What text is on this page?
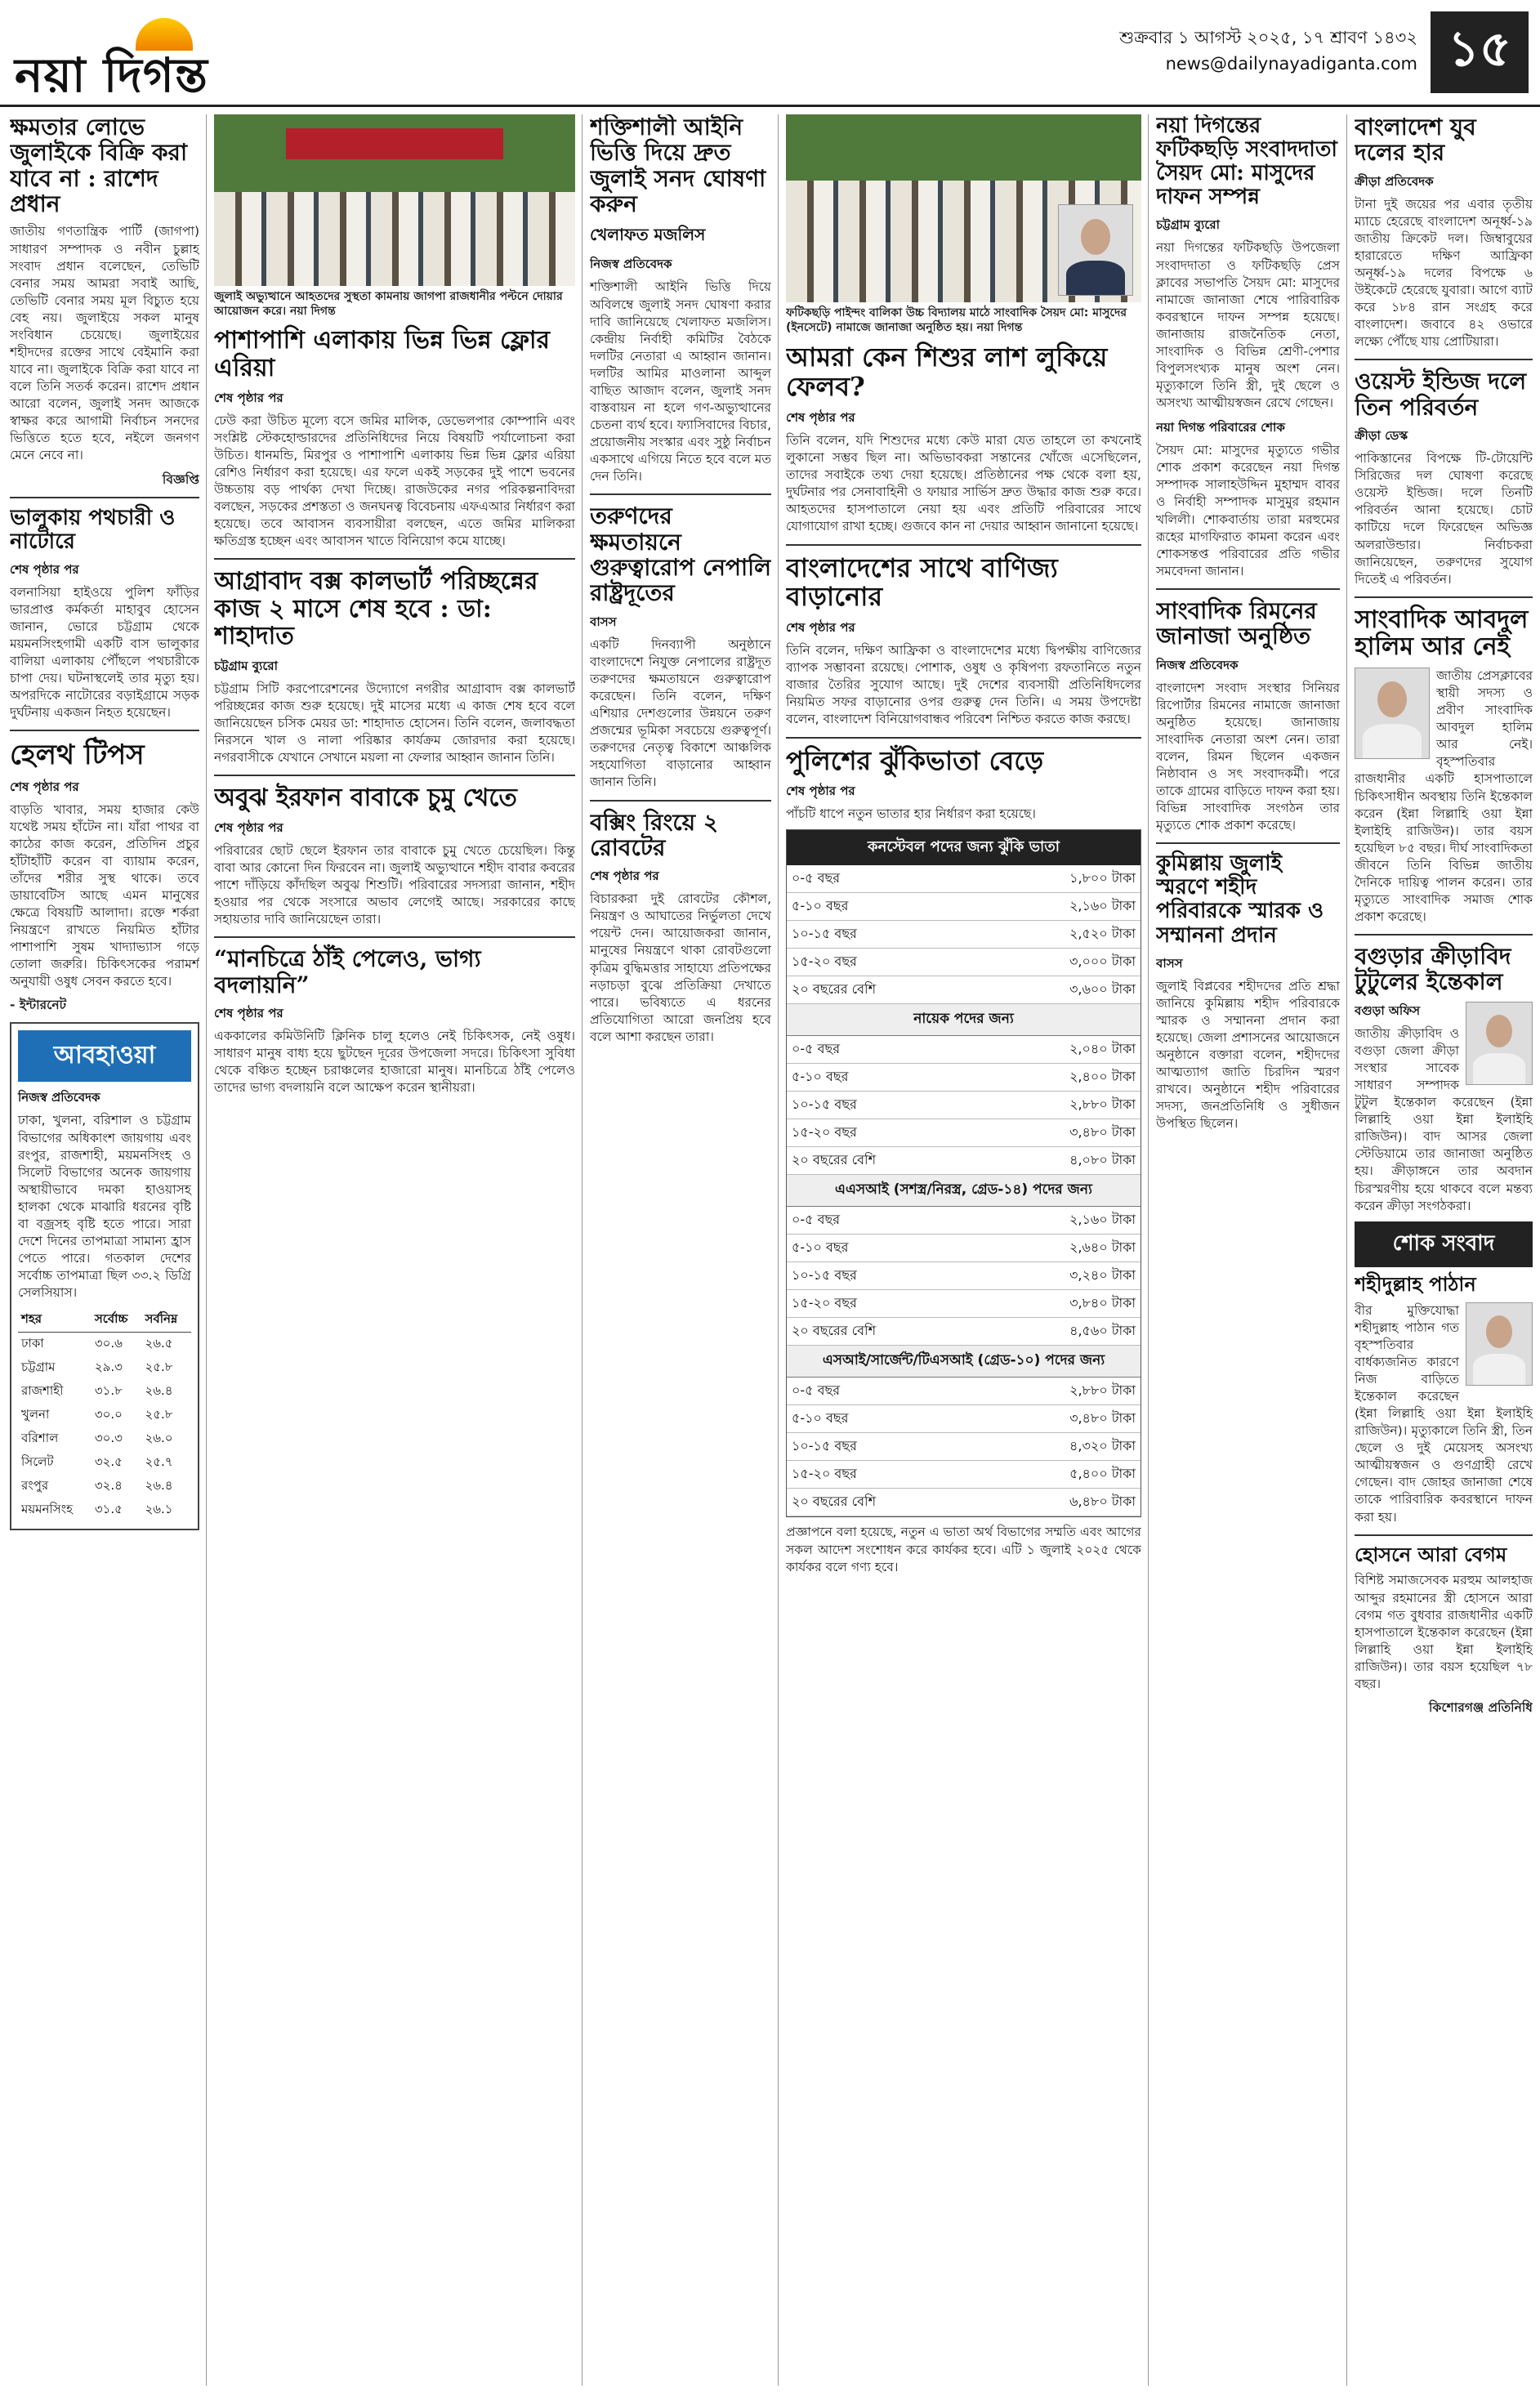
নয়া দিগন্ত
শুক্রবার ১ আগস্ট ২০২৫, ১৭ শ্রাবণ ১৪৩২
news@dailynayadiganta.com ১৫
ক্ষমতার লোভে জুলাইকে বিক্রি করা যাবে না : রাশেদ প্রধান

জাতীয় গণতান্ত্রিক পার্টি (জাগপা) সাধারণ সম্পাদক ও নবীন চুল্লাহ সংবাদ প্রধান বলেছেন, তেভিটি বেনার সময় আমরা সবাই আছি, তেভিটি বেনার সময় মূল বিচ্যুত হয়ে বেহ নয়। জুলাইয়ে সকল মানুষ সংবিধান চেয়েছে। জুলাইয়ের শহীদদের রক্তের সাথে বেইমানি করা যাবে না। জুলাইকে বিক্রি করা যাবে না বলে তিনি সতর্ক করেন। রাশেদ প্রধান আরো বলেন, জুলাই সনদ আজকে স্বাক্ষর করে আগামী নির্বাচন সনদের ভিত্তিতে হতে হবে, নইলে জনগণ মেনে নেবে না।

বিজ্ঞপ্তি

ভালুকায় পথচারী ও নাটোরে

শেষ পৃষ্ঠার পর

বলনাসিয়া হাইওয়ে পুলিশ ফাঁড়ির ভারপ্রাপ্ত কর্মকর্তা মাহাবুব হোসেন জানান, ভোরে চট্টগ্রাম থেকে ময়মনসিংহগামী একটি বাস ভালুকার বালিয়া এলাকায় পৌঁছলে পথচারীকে চাপা দেয়। ঘটনাস্থলেই তার মৃত্যু হয়। অপরদিকে নাটোরের বড়াইগ্রামে সড়ক দুর্ঘটনায় একজন নিহত হয়েছেন।

হেলথ টিপস

শেষ পৃষ্ঠার পর

বাড়তি খাবার, সময় হাজার কেউ যথেষ্ট সময় হাঁটেন না। যাঁরা পাথর বা কাঠের কাজ করেন, প্রতিদিন প্রচুর হাঁটাহাঁটি করেন বা ব্যায়াম করেন, তাঁদের শরীর সুস্থ থাকে। তবে ডায়াবেটিস আছে এমন মানুষের ক্ষেত্রে বিষয়টি আলাদা। রক্তে শর্করা নিয়ন্ত্রণে রাখতে নিয়মিত হাঁটার পাশাপাশি সুষম খাদ্যাভ্যাস গড়ে তোলা জরুরি। চিকিৎসকের পরামর্শ অনুযায়ী ওষুধ সেবন করতে হবে।

- ইন্টারনেট

আবহাওয়া

নিজস্ব প্রতিবেদক

ঢাকা, খুলনা, বরিশাল ও চট্টগ্রাম বিভাগের অধিকাংশ জায়গায় এবং রংপুর, রাজশাহী, ময়মনসিংহ ও সিলেট বিভাগের অনেক জায়গায় অস্থায়ীভাবে দমকা হাওয়াসহ হালকা থেকে মাঝারি ধরনের বৃষ্টি বা বজ্রসহ বৃষ্টি হতে পারে। সারা দেশে দিনের তাপমাত্রা সামান্য হ্রাস পেতে পারে। গতকাল দেশের সর্বোচ্চ তাপমাত্রা ছিল ৩৩.২ ডিগ্রি সেলসিয়াস।

শহর	সর্বোচ্চ	সর্বনিম্ন
ঢাকা	৩০.৬	২৬.৫
চট্টগ্রাম	২৯.৩	২৫.৮
রাজশাহী	৩১.৮	২৬.৪
খুলনা	৩০.০	২৫.৮
বরিশাল	৩০.৩	২৬.০
সিলেট	৩২.৫	২৫.৭
রংপুর	৩২.৪	২৬.৪
ময়মনসিংহ	৩১.৫	২৬.১

জুলাই অভ্যুত্থানে আহতদের সুস্থতা কামনায় জাগপা রাজধানীর পল্টনে দোয়ার আয়োজন করে। নয়া দিগন্ত

পাশাপাশি এলাকায় ভিন্ন ভিন্ন ফ্লোর এরিয়া

শেষ পৃষ্ঠার পর

ঢেউ করা উচিত মূল্যে বসে জমির মালিক, ডেভেলপার কোম্পানি এবং সংশ্লিষ্ট স্টেকহোল্ডারদের প্রতিনিধিদের নিয়ে বিষয়টি পর্যালোচনা করা উচিত। ধানমন্ডি, মিরপুর ও পাশাপাশি এলাকায় ভিন্ন ভিন্ন ফ্লোর এরিয়া রেশিও নির্ধারণ করা হয়েছে। এর ফলে একই সড়কের দুই পাশে ভবনের উচ্চতায় বড় পার্থক্য দেখা দিচ্ছে। রাজউকের নগর পরিকল্পনাবিদরা বলছেন, সড়কের প্রশস্ততা ও জনঘনত্ব বিবেচনায় এফএআর নির্ধারণ করা হয়েছে। তবে আবাসন ব্যবসায়ীরা বলছেন, এতে জমির মালিকরা ক্ষতিগ্রস্ত হচ্ছেন এবং আবাসন খাতে বিনিয়োগ কমে যাচ্ছে।

আগ্রাবাদ বক্স কালভার্ট পরিচ্ছন্নের কাজ ২ মাসে শেষ হবে : ডা: শাহাদাত

চট্টগ্রাম ব্যুরো

চট্টগ্রাম সিটি করপোরেশনের উদ্যোগে নগরীর আগ্রাবাদ বক্স কালভার্ট পরিচ্ছন্নের কাজ শুরু হয়েছে। দুই মাসের মধ্যে এ কাজ শেষ হবে বলে জানিয়েছেন চসিক মেয়র ডা: শাহাদাত হোসেন। তিনি বলেন, জলাবদ্ধতা নিরসনে খাল ও নালা পরিষ্কার কার্যক্রম জোরদার করা হয়েছে। নগরবাসীকে যেখানে সেখানে ময়লা না ফেলার আহ্বান জানান তিনি।

অবুঝ ইরফান বাবাকে চুমু খেতে

শেষ পৃষ্ঠার পর

পরিবারের ছোট ছেলে ইরফান তার বাবাকে চুমু খেতে চেয়েছিল। কিন্তু বাবা আর কোনো দিন ফিরবেন না। জুলাই অভ্যুত্থানে শহীদ বাবার কবরের পাশে দাঁড়িয়ে কাঁদছিল অবুঝ শিশুটি। পরিবারের সদস্যরা জানান, শহীদ হওয়ার পর থেকে সংসারে অভাব লেগেই আছে। সরকারের কাছে সহায়তার দাবি জানিয়েছেন তারা।

“মানচিত্রে ঠাঁই পেলেও, ভাগ্য বদলায়নি”

শেষ পৃষ্ঠার পর

এককালের কমিউনিটি ক্লিনিক চালু হলেও নেই চিকিৎসক, নেই ওষুধ। সাধারণ মানুষ বাধ্য হয়ে ছুটছেন দূরের উপজেলা সদরে। চিকিৎসা সুবিধা থেকে বঞ্চিত হচ্ছেন চরাঞ্চলের হাজারো মানুষ। মানচিত্রে ঠাঁই পেলেও তাদের ভাগ্য বদলায়নি বলে আক্ষেপ করেন স্থানীয়রা।

শক্তিশালী আইনি ভিত্তি দিয়ে দ্রুত জুলাই সনদ ঘোষণা করুন

খেলাফত মজলিস

নিজস্ব প্রতিবেদক

শক্তিশালী আইনি ভিত্তি দিয়ে অবিলম্বে জুলাই সনদ ঘোষণা করার দাবি জানিয়েছে খেলাফত মজলিস। কেন্দ্রীয় নির্বাহী কমিটির বৈঠকে দলটির নেতারা এ আহ্বান জানান। দলটির আমির মাওলানা আব্দুল বাছিত আজাদ বলেন, জুলাই সনদ বাস্তবায়ন না হলে গণ-অভ্যুত্থানের চেতনা ব্যর্থ হবে। ফ্যাসিবাদের বিচার, প্রয়োজনীয় সংস্কার এবং সুষ্ঠু নির্বাচন একসাথে এগিয়ে নিতে হবে বলে মত দেন তিনি।

তরুণদের ক্ষমতায়নে গুরুত্বারোপ নেপালি রাষ্ট্রদূতের

বাসস

একটি দিনব্যাপী অনুষ্ঠানে বাংলাদেশে নিযুক্ত নেপালের রাষ্ট্রদূত তরুণদের ক্ষমতায়নে গুরুত্বারোপ করেছেন। তিনি বলেন, দক্ষিণ এশিয়ার দেশগুলোর উন্নয়নে তরুণ প্রজন্মের ভূমিকা সবচেয়ে গুরুত্বপূর্ণ। তরুণদের নেতৃত্ব বিকাশে আঞ্চলিক সহযোগিতা বাড়ানোর আহ্বান জানান তিনি।

বক্সিং রিংয়ে ২ রোবটের

শেষ পৃষ্ঠার পর

বিচারকরা দুই রোবটের কৌশল, নিয়ন্ত্রণ ও আঘাতের নির্ভুলতা দেখে পয়েন্ট দেন। আয়োজকরা জানান, মানুষের নিয়ন্ত্রণে থাকা রোবটগুলো কৃত্রিম বুদ্ধিমত্তার সাহায্যে প্রতিপক্ষের নড়াচড়া বুঝে প্রতিক্রিয়া দেখাতে পারে। ভবিষ্যতে এ ধরনের প্রতিযোগিতা আরো জনপ্রিয় হবে বলে আশা করছেন তারা।

ফটিকছড়ি পাইন্দং বালিকা উচ্চ বিদ্যালয় মাঠে সাংবাদিক সৈয়দ মো: মাসুদের (ইনসেটে) নামাজে জানাজা অনুষ্ঠিত হয়। নয়া দিগন্ত

আমরা কেন শিশুর লাশ লুকিয়ে ফেলব?

শেষ পৃষ্ঠার পর

তিনি বলেন, যদি শিশুদের মধ্যে কেউ মারা যেত তাহলে তা কখনোই লুকানো সম্ভব ছিল না। অভিভাবকরা সন্তানের খোঁজে এসেছিলেন, তাদের সবাইকে তথ্য দেয়া হয়েছে। প্রতিষ্ঠানের পক্ষ থেকে বলা হয়, দুর্ঘটনার পর সেনাবাহিনী ও ফায়ার সার্ভিস দ্রুত উদ্ধার কাজ শুরু করে। আহতদের হাসপাতালে নেয়া হয় এবং প্রতিটি পরিবারের সাথে যোগাযোগ রাখা হচ্ছে। গুজবে কান না দেয়ার আহ্বান জানানো হয়েছে।

বাংলাদেশের সাথে বাণিজ্য বাড়ানোর

শেষ পৃষ্ঠার পর

তিনি বলেন, দক্ষিণ আফ্রিকা ও বাংলাদেশের মধ্যে দ্বিপক্ষীয় বাণিজ্যের ব্যাপক সম্ভাবনা রয়েছে। পোশাক, ওষুধ ও কৃষিপণ্য রফতানিতে নতুন বাজার তৈরির সুযোগ আছে। দুই দেশের ব্যবসায়ী প্রতিনিধিদলের নিয়মিত সফর বাড়ানোর ওপর গুরুত্ব দেন তিনি। এ সময় উপদেষ্টা বলেন, বাংলাদেশ বিনিয়োগবান্ধব পরিবেশ নিশ্চিত করতে কাজ করছে।

পুলিশের ঝুঁকিভাতা বেড়ে

শেষ পৃষ্ঠার পর

পাঁচটি ধাপে নতুন ভাতার হার নির্ধারণ করা হয়েছে।

কনস্টেবল পদের জন্য ঝুঁকি ভাতা
০-৫ বছর	১,৮০০ টাকা
৫-১০ বছর	২,১৬০ টাকা
১০-১৫ বছর	২,৫২০ টাকা
১৫-২০ বছর	৩,০০০ টাকা
২০ বছরের বেশি	৩,৬০০ টাকা
নায়েক পদের জন্য
০-৫ বছর	২,০৪০ টাকা
৫-১০ বছর	২,৪০০ টাকা
১০-১৫ বছর	২,৮৮০ টাকা
১৫-২০ বছর	৩,৪৮০ টাকা
২০ বছরের বেশি	৪,০৮০ টাকা
এএসআই (সশস্ত্র/নিরস্ত্র, গ্রেড-১৪) পদের জন্য
০-৫ বছর	২,১৬০ টাকা
৫-১০ বছর	২,৬৪০ টাকা
১০-১৫ বছর	৩,২৪০ টাকা
১৫-২০ বছর	৩,৮৪০ টাকা
২০ বছরের বেশি	৪,৫৬০ টাকা
এসআই/সার্জেন্ট/টিএসআই (গ্রেড-১০) পদের জন্য
০-৫ বছর	২,৮৮০ টাকা
৫-১০ বছর	৩,৪৮০ টাকা
১০-১৫ বছর	৪,৩২০ টাকা
১৫-২০ বছর	৫,৪০০ টাকা
২০ বছরের বেশি	৬,৪৮০ টাকা

প্রজ্ঞাপনে বলা হয়েছে, নতুন এ ভাতা অর্থ বিভাগের সম্মতি এবং আগের সকল আদেশ সংশোধন করে কার্যকর হবে। এটি ১ জুলাই ২০২৫ থেকে কার্যকর বলে গণ্য হবে।

নয়া দিগন্তের ফটিকছড়ি সংবাদদাতা সৈয়দ মো: মাসুদের দাফন সম্পন্ন

চট্টগ্রাম ব্যুরো

নয়া দিগন্তের ফটিকছড়ি উপজেলা সংবাদদাতা ও ফটিকছড়ি প্রেস ক্লাবের সভাপতি সৈয়দ মো: মাসুদের নামাজে জানাজা শেষে পারিবারিক কবরস্থানে দাফন সম্পন্ন হয়েছে। জানাজায় রাজনৈতিক নেতা, সাংবাদিক ও বিভিন্ন শ্রেণী-পেশার বিপুলসংখ্যক মানুষ অংশ নেন। মৃত্যুকালে তিনি স্ত্রী, দুই ছেলে ও অসংখ্য আত্মীয়স্বজন রেখে গেছেন।

নয়া দিগন্ত পরিবারের শোক

সৈয়দ মো: মাসুদের মৃত্যুতে গভীর শোক প্রকাশ করেছেন নয়া দিগন্ত সম্পাদক সালাহউদ্দিন মুহাম্মদ বাবর ও নির্বাহী সম্পাদক মাসুমুর রহমান খলিলী। শোকবার্তায় তারা মরহুমের রূহের মাগফিরাত কামনা করেন এবং শোকসন্তপ্ত পরিবারের প্রতি গভীর সমবেদনা জানান।

সাংবাদিক রিমনের জানাজা অনুষ্ঠিত

নিজস্ব প্রতিবেদক

বাংলাদেশ সংবাদ সংস্থার সিনিয়র রিপোর্টার রিমনের নামাজে জানাজা অনুষ্ঠিত হয়েছে। জানাজায় সাংবাদিক নেতারা অংশ নেন। তারা বলেন, রিমন ছিলেন একজন নিষ্ঠাবান ও সৎ সংবাদকর্মী। পরে তাকে গ্রামের বাড়িতে দাফন করা হয়। বিভিন্ন সাংবাদিক সংগঠন তার মৃত্যুতে শোক প্রকাশ করেছে।

কুমিল্লায় জুলাই স্মরণে শহীদ পরিবারকে স্মারক ও সম্মাননা প্রদান

বাসস

জুলাই বিপ্লবের শহীদদের প্রতি শ্রদ্ধা জানিয়ে কুমিল্লায় শহীদ পরিবারকে স্মারক ও সম্মাননা প্রদান করা হয়েছে। জেলা প্রশাসনের আয়োজনে অনুষ্ঠানে বক্তারা বলেন, শহীদদের আত্মত্যাগ জাতি চিরদিন স্মরণ রাখবে। অনুষ্ঠানে শহীদ পরিবারের সদস্য, জনপ্রতিনিধি ও সুধীজন উপস্থিত ছিলেন।

বাংলাদেশ যুব দলের হার

ক্রীড়া প্রতিবেদক

টানা দুই জয়ের পর এবার তৃতীয় ম্যাচে হেরেছে বাংলাদেশ অনূর্ধ্ব-১৯ জাতীয় ক্রিকেট দল। জিম্বাবুয়ের হারারেতে দক্ষিণ আফ্রিকা অনূর্ধ্ব-১৯ দলের বিপক্ষে ৬ উইকেটে হেরেছে যুবারা। আগে ব্যাট করে ১৮৪ রান সংগ্রহ করে বাংলাদেশ। জবাবে ৪২ ওভারে লক্ষ্যে পৌঁছে যায় প্রোটিয়ারা।

ওয়েস্ট ইন্ডিজ দলে তিন পরিবর্তন

ক্রীড়া ডেস্ক

পাকিস্তানের বিপক্ষে টি-টোয়েন্টি সিরিজের দল ঘোষণা করেছে ওয়েস্ট ইন্ডিজ। দলে তিনটি পরিবর্তন আনা হয়েছে। চোট কাটিয়ে দলে ফিরেছেন অভিজ্ঞ অলরাউন্ডার। নির্বাচকরা জানিয়েছেন, তরুণদের সুযোগ দিতেই এ পরিবর্তন।

সাংবাদিক আবদুল হালিম আর নেই

জাতীয় প্রেসক্লাবের স্থায়ী সদস্য ও প্রবীণ সাংবাদিক আবদুল হালিম আর নেই। বৃহস্পতিবার রাজধানীর একটি হাসপাতালে চিকিৎসাধীন অবস্থায় তিনি ইন্তেকাল করেন (ইন্না লিল্লাহি ওয়া ইন্না ইলাইহি রাজিউন)। তার বয়স হয়েছিল ৮৫ বছর। দীর্ঘ সাংবাদিকতা জীবনে তিনি বিভিন্ন জাতীয় দৈনিকে দায়িত্ব পালন করেন। তার মৃত্যুতে সাংবাদিক সমাজ শোক প্রকাশ করেছে।

বগুড়ার ক্রীড়াবিদ টুটুলের ইন্তেকাল

বগুড়া অফিস

জাতীয় ক্রীড়াবিদ ও বগুড়া জেলা ক্রীড়া সংস্থার সাবেক সাধারণ সম্পাদক টুটুল ইন্তেকাল করেছেন (ইন্না লিল্লাহি ওয়া ইন্না ইলাইহি রাজিউন)। বাদ আসর জেলা স্টেডিয়ামে তার জানাজা অনুষ্ঠিত হয়। ক্রীড়াঙ্গনে তার অবদান চিরস্মরণীয় হয়ে থাকবে বলে মন্তব্য করেন ক্রীড়া সংগঠকরা।

শোক সংবাদ
শহীদুল্লাহ পাঠান

বীর মুক্তিযোদ্ধা শহীদুল্লাহ পাঠান গত বৃহস্পতিবার বার্ধক্যজনিত কারণে নিজ বাড়িতে ইন্তেকাল করেছেন (ইন্না লিল্লাহি ওয়া ইন্না ইলাইহি রাজিউন)। মৃত্যুকালে তিনি স্ত্রী, তিন ছেলে ও দুই মেয়েসহ অসংখ্য আত্মীয়স্বজন ও গুণগ্রাহী রেখে গেছেন। বাদ জোহর জানাজা শেষে তাকে পারিবারিক কবরস্থানে দাফন করা হয়।

হোসনে আরা বেগম

বিশিষ্ট সমাজসেবক মরহুম আলহাজ আব্দুর রহমানের স্ত্রী হোসনে আরা বেগম গত বুধবার রাজধানীর একটি হাসপাতালে ইন্তেকাল করেছেন (ইন্না লিল্লাহি ওয়া ইন্না ইলাইহি রাজিউন)। তার বয়স হয়েছিল ৭৮ বছর।

কিশোরগঞ্জ প্রতিনিধি
